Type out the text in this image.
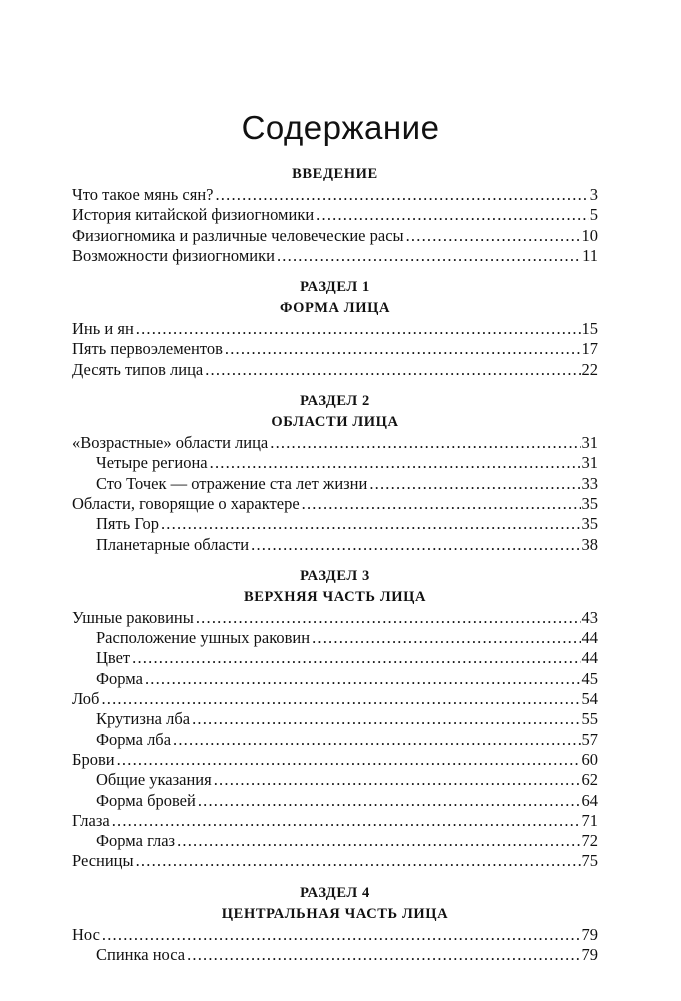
Содержание
ВВЕДЕНИЕ
Что такое мянь сян? .....	3
История китайской физиогномики .....	5
Физиогномика и различные человеческие расы .....	10
Возможности физиогномики .....	11
РАЗДЕЛ 1
ФОРМА ЛИЦА
Инь и ян .....	15
Пять первоэлементов .....	17
Десять типов лица .....	22
РАЗДЕЛ 2
ОБЛАСТИ ЛИЦА
«Возрастные» области лица .....	31
Четыре региона .....	31
Сто Точек — отражение ста лет жизни .....	33
Области, говорящие о характере .....	35
Пять Гор .....	35
Планетарные области .....	38
РАЗДЕЛ 3
ВЕРХНЯЯ ЧАСТЬ ЛИЦА
Ушные раковины .....	43
Расположение ушных раковин .....	44
Цвет .....	44
Форма .....	45
Лоб .....	54
Крутизна лба .....	55
Форма лба .....	57
Брови .....	60
Общие указания .....	62
Форма бровей .....	64
Глаза .....	71
Форма глаз .....	72
Ресницы .....	75
РАЗДЕЛ 4
ЦЕНТРАЛЬНАЯ ЧАСТЬ ЛИЦА
Нос .....	79
Спинка носа .....	79
